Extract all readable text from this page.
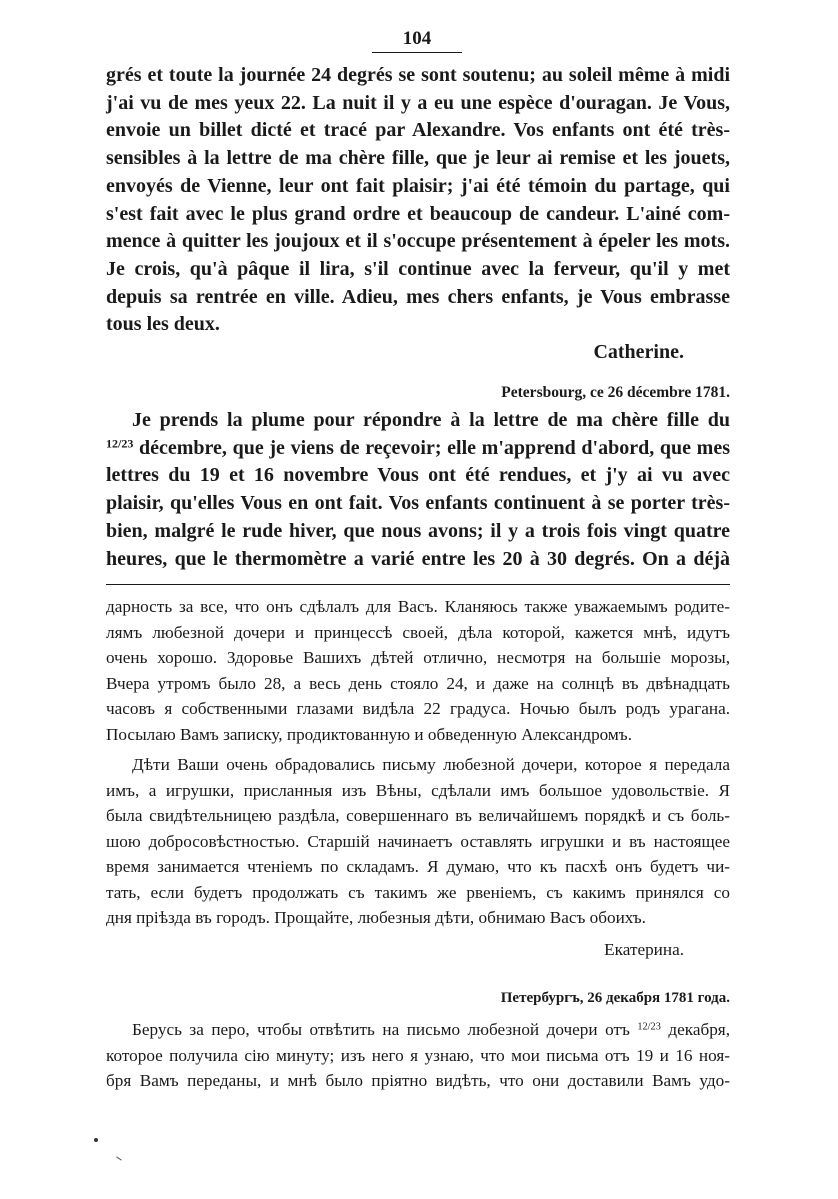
104
grés et toute la journée 24 degrés se sont soutenu; au soleil même à midi
j'ai vu de mes yeux 22. La nuit il y a eu une espèce d'ouragan. Je Vous,
envoie un billet dicté et tracé par Alexandre. Vos enfants ont été très-
sensibles à la lettre de ma chère fille, que je leur ai remise et les jouets,
envoyés de Vienne, leur ont fait plaisir; j'ai été témoin du partage, qui
s'est fait avec le plus grand ordre et beaucoup de candeur. L'ainé com-
mence à quitter les joujoux et il s'occupe présentement à épeler les mots.
Je crois, qu'à pâque il lira, s'il continue avec la ferveur, qu'il y met
depuis sa rentrée en ville. Adieu, mes chers enfants, je Vous embrasse
tous les deux.
Catherine.
Petersbourg, ce 26 décembre 1781.
Je prends la plume pour répondre à la lettre de ma chère fille du
$^{12/23}$ décembre, que je viens de reçevoir; elle m'apprend d'abord, que mes
lettres du 19 et 16 novembre Vous ont été rendues, et j'y ai vu avec
plaisir, qu'elles Vous en ont fait. Vos enfants continuent à se porter très-
bien, malgré le rude hiver, que nous avons; il y a trois fois vingt quatre
heures, que le thermomètre a varié entre les 20 à 30 degrés. On a déjà
дарность за все, что онъ сдѣлалъ для Васъ. Кланяюсь также уважаемымъ родите-
лямъ любезной дочери и принцессѣ своей, дѣла которой, кажется мнѣ, идутъ
очень хорошо. Здоровье Вашихъ дѣтей отлично, несмотря на большіе морозы,
Вчера утромъ было 28, а весь день стояло 24, и даже на солнцѣ въ двѣнадцать
часовъ я собственными глазами видѣла 22 градуса. Ночью былъ родъ урагана.
Посылаю Вамъ записку, продиктованную и обведенную Александромъ.
Дѣти Ваши очень обрадовались письму любезной дочери, которое я передала
имъ, а игрушки, присланныя изъ Вѣны, сдѣлали имъ большое удовольствіе. Я
была свидѣтельницею раздѣла, совершеннаго въ величайшемъ порядкѣ и съ боль-
шою добросовѣстностью. Старшій начинаетъ оставлять игрушки и въ настоящее
время занимается чтеніемъ по складамъ. Я думаю, что къ пасхѣ онъ будетъ чи-
тать, если будетъ продолжать съ такимъ же рвеніемъ, съ какимъ принялся со
дня пріѣзда въ городъ. Прощайте, любезныя дѣти, обнимаю Васъ обоихъ.
Екатерина.
Петербургъ, 26 декабря 1781 года.
Берусь за перо, чтобы отвѣтить на письмо любезной дочери отъ $^{12/23}$ декабря,
которое получила сію минуту; изъ него я узнаю, что мои письма отъ 19 и 16 ноя-
бря Вамъ переданы, и мнѣ было пріятно видѣть, что они доставили Вамъ удо-
